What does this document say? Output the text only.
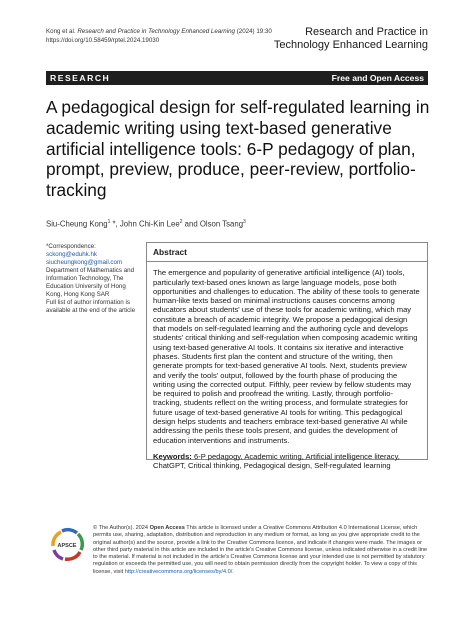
Kong et al. Research and Practice in Technology Enhanced Learning (2024) 19:30
https://doi.org/10.58459/rptel.2024.19030
Research and Practice in
Technology Enhanced Learning
RESEARCH	Free and Open Access
A pedagogical design for self-regulated learning in academic writing using text-based generative artificial intelligence tools: 6-P pedagogy of plan, prompt, preview, produce, peer-review, portfolio-tracking
Siu-Cheung Kong$^1$ *, John Chi-Kin Lee$^2$ and Olson Tsang$^3$
*Correspondence:
sckong@eduhk.hk
siucheungkong@gmail.com
Department of Mathematics and Information Technology, The Education University of Hong Kong, Hong Kong SAR
Full list of author information is available at the end of the article
Abstract

The emergence and popularity of generative artificial intelligence (AI) tools, particularly text-based ones known as large language models, pose both opportunities and challenges to education. The ability of these tools to generate human-like texts based on minimal instructions causes concerns among educators about students' use of these tools for academic writing, which may constitute a breach of academic integrity. We propose a pedagogical design that models on self-regulated learning and the authoring cycle and develops students' critical thinking and self-regulation when composing academic writing using text-based generative AI tools. It contains six iterative and interactive phases. Students first plan the content and structure of the writing, then generate prompts for text-based generative AI tools. Next, students preview and verify the tools' output, followed by the fourth phase of producing the writing using the corrected output. Fifthly, peer review by fellow students may be required to polish and proofread the writing. Lastly, through portfolio-tracking, students reflect on the writing process, and formulate strategies for future usage of text-based generative AI tools for writing. This pedagogical design helps students and teachers embrace text-based generative AI while addressing the perils these tools present, and guides the development of education interventions and instruments.

Keywords: 6-P pedagogy, Academic writing, Artificial intelligence literacy, ChatGPT, Critical thinking, Pedagogical design, Self-regulated learning

APSCE
© The Author(s). 2024 Open Access This article is licensed under a Creative Commons Attribution 4.0 International License, which permits use, sharing, adaptation, distribution and reproduction in any medium or format, as long as you give appropriate credit to the original author(s) and the source, provide a link to the Creative Commons licence, and indicate if changes were made. The images or other third party material in this article are included in the article's Creative Commons license, unless indicated otherwise in a credit line to the material. If material is not included in the article's Creative Commons license and your intended use is not permitted by statutory regulation or exceeds the permitted use, you will need to obtain permission directly from the copyright holder. To view a copy of this license, visit http://creativecommons.org/licenses/by/4.0/.
